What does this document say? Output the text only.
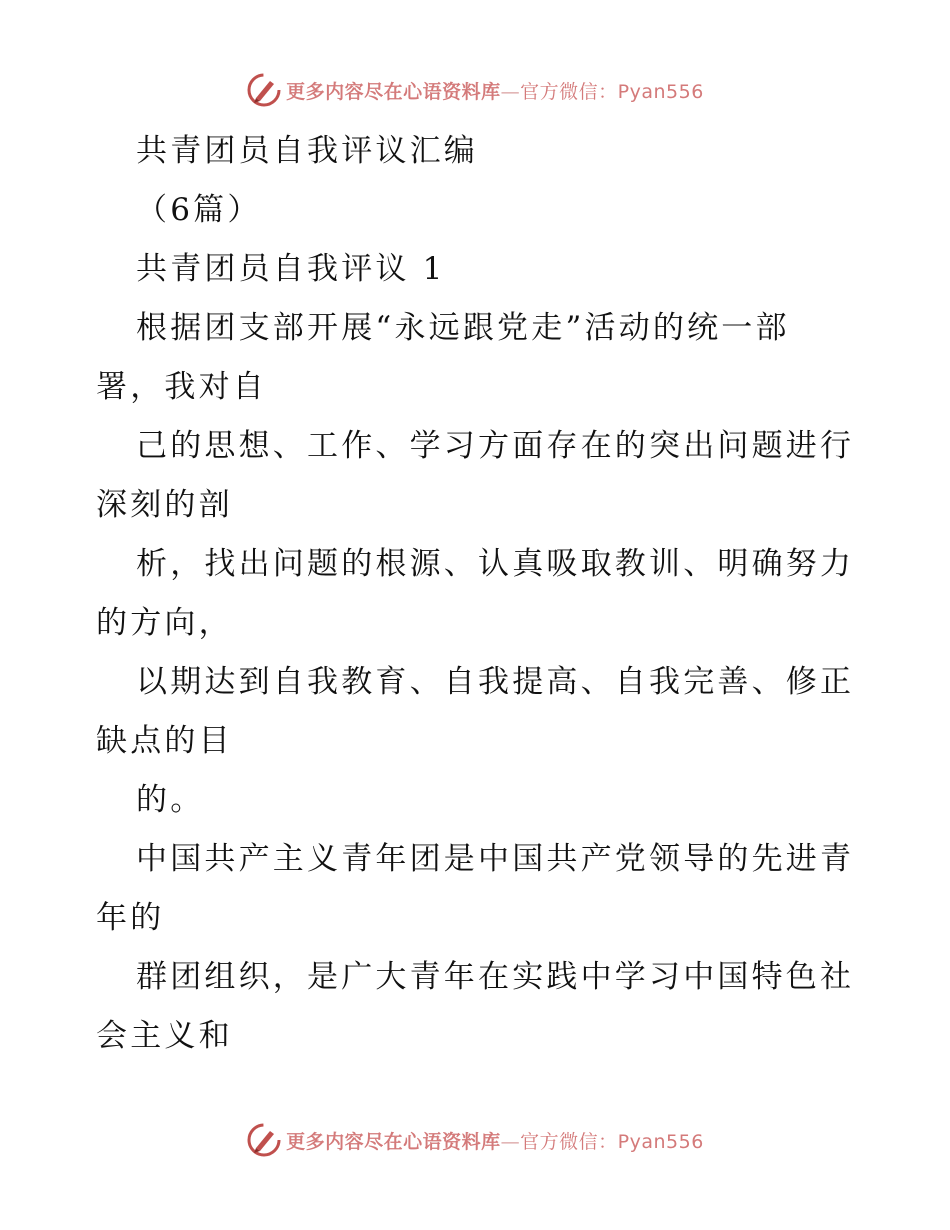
更多内容尽在心语资料库—官方微信：Pyan556
共青团员自我评议汇编
（6篇）
共青团员自我评议 1
根据团支部开展“永远跟党走”活动的统一部
署，我对自
己的思想、工作、学习方面存在的突出问题进行
深刻的剖
析，找出问题的根源、认真吸取教训、明确努力
的方向，
以期达到自我教育、自我提高、自我完善、修正
缺点的目
的。
中国共产主义青年团是中国共产党领导的先进青
年的
群团组织，是广大青年在实践中学习中国特色社
会主义和
更多内容尽在心语资料库—官方微信：Pyan556
